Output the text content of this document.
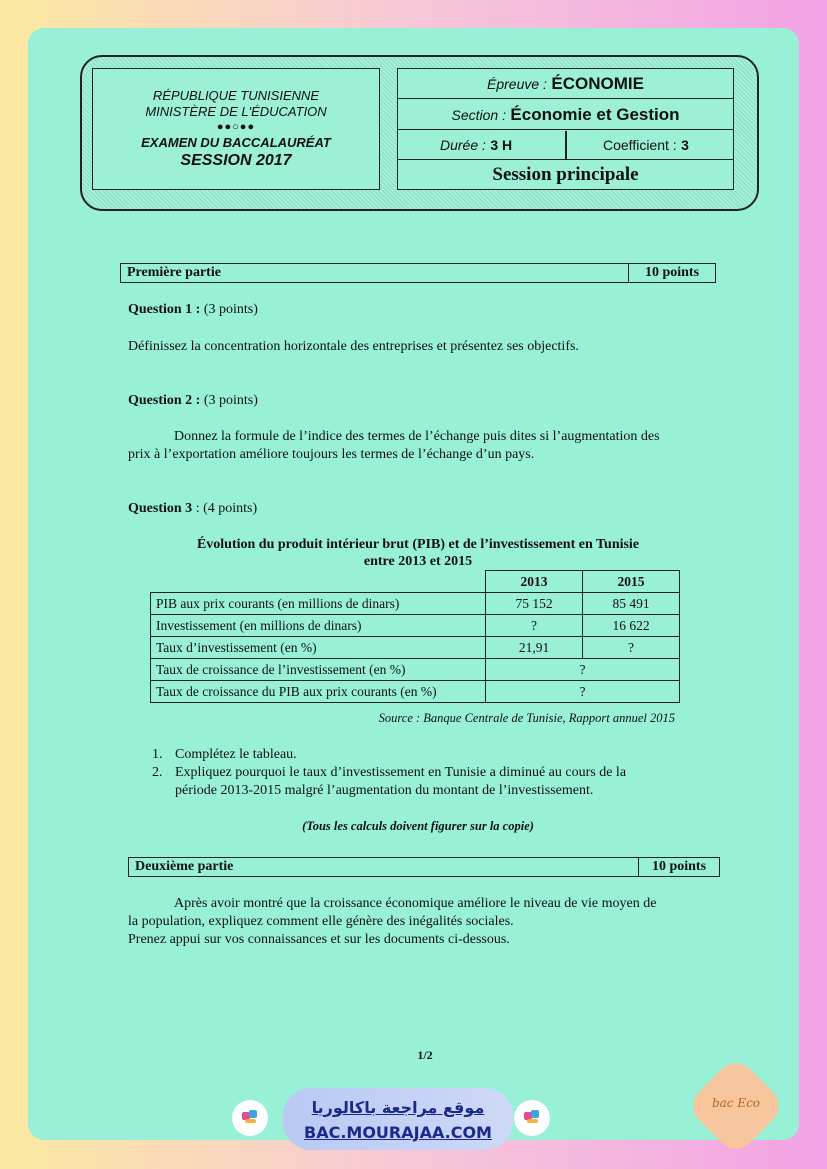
RÉPUBLIQUE TUNISIENNE
MINISTÈRE DE L'ÉDUCATION
●●○●●
EXAMEN DU BACCALAURÉAT
SESSION 2017
Épreuve : ÉCONOMIE
Section : Économie et Gestion
Durée : 3 H	Coefficient : 3
Session principale
Première partie	10 points
Question 1 : (3 points)
Définissez la concentration horizontale des entreprises et présentez ses objectifs.
Question 2 : (3 points)
Donnez la formule de l’indice des termes de l’échange puis dites si l’augmentation des
prix à l’exportation améliore toujours les termes de l’échange d’un pays.
Question 3 : (4 points)
Évolution du produit intérieur brut (PIB) et de l’investissement en Tunisie
entre 2013 et 2015
	2013	2015
PIB aux prix courants (en millions de dinars)	75 152	85 491
Investissement (en millions de dinars)	?	16 622
Taux d’investissement (en %)	21,91	?
Taux de croissance de l’investissement (en %)	?	
Taux de croissance du PIB aux prix courants (en %)	?	
Source : Banque Centrale de Tunisie, Rapport annuel 2015
1. Complétez le tableau.
2. Expliquez pourquoi le taux d’investissement en Tunisie a diminué au cours de la
période 2013-2015 malgré l’augmentation du montant de l’investissement.
(Tous les calculs doivent figurer sur la copie)
Deuxième partie	10 points
Après avoir montré que la croissance économique améliore le niveau de vie moyen de
la population, expliquez comment elle génère des inégalités sociales.
Prenez appui sur vos connaissances et sur les documents ci-dessous.
1/2
موقع مراجعة باكالوريا
BAC.MOURAJAA.COM
bac Eco
